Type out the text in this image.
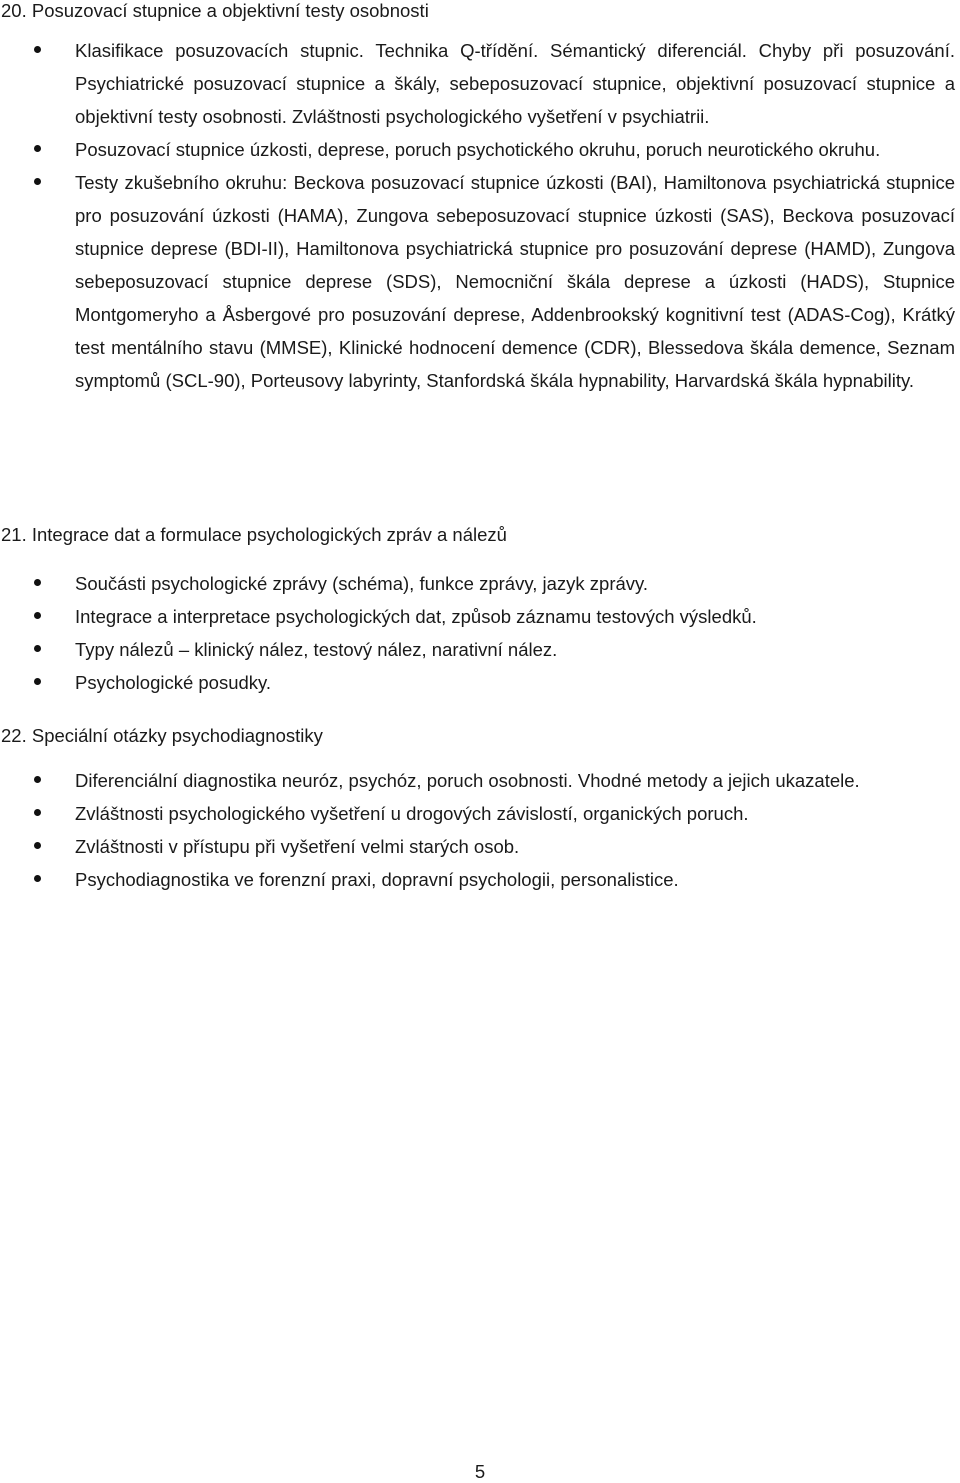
20. Posuzovací stupnice a objektivní testy osobnosti
Klasifikace posuzovacích stupnic. Technika Q-třídění. Sémantický diferenciál. Chyby při posuzování. Psychiatrické posuzovací stupnice a škály, sebeposuzovací stupnice, objektivní posuzovací stupnice a objektivní testy osobnosti. Zvláštnosti psychologického vyšetření v psychiatrii.
Posuzovací stupnice úzkosti, deprese, poruch psychotického okruhu, poruch neurotického okruhu.
Testy zkušebního okruhu: Beckova posuzovací stupnice úzkosti (BAI), Hamiltonova psychiatrická stupnice pro posuzování úzkosti (HAMA), Zungova sebeposuzovací stupnice úzkosti (SAS), Beckova posuzovací stupnice deprese (BDI-II), Hamiltonova psychiatrická stupnice pro posuzování deprese (HAMD), Zungova sebeposuzovací stupnice deprese (SDS), Nemocniční škála deprese a úzkosti (HADS), Stupnice Montgomeryho a Åsbergové pro posuzování deprese, Addenbrookský kognitivní test (ADAS-Cog), Krátký test mentálního stavu (MMSE), Klinické hodnocení demence (CDR), Blessedova škála demence, Seznam symptomů (SCL-90), Porteusovy labyrinty, Stanfordská škála hypnability, Harvardská škála hypnability.
21. Integrace dat a formulace psychologických zpráv a nálezů
Součásti psychologické zprávy (schéma), funkce zprávy, jazyk zprávy.
Integrace a interpretace psychologických dat, způsob záznamu testových výsledků.
Typy nálezů – klinický nález, testový nález, narativní nález.
Psychologické posudky.
22. Speciální otázky psychodiagnostiky
Diferenciální diagnostika neuróz, psychóz, poruch osobnosti. Vhodné metody a jejich ukazatele.
Zvláštnosti psychologického vyšetření u drogových závislostí, organických poruch.
Zvláštnosti v přístupu při vyšetření velmi starých osob.
Psychodiagnostika ve forenzní praxi, dopravní psychologii, personalistice.
5
